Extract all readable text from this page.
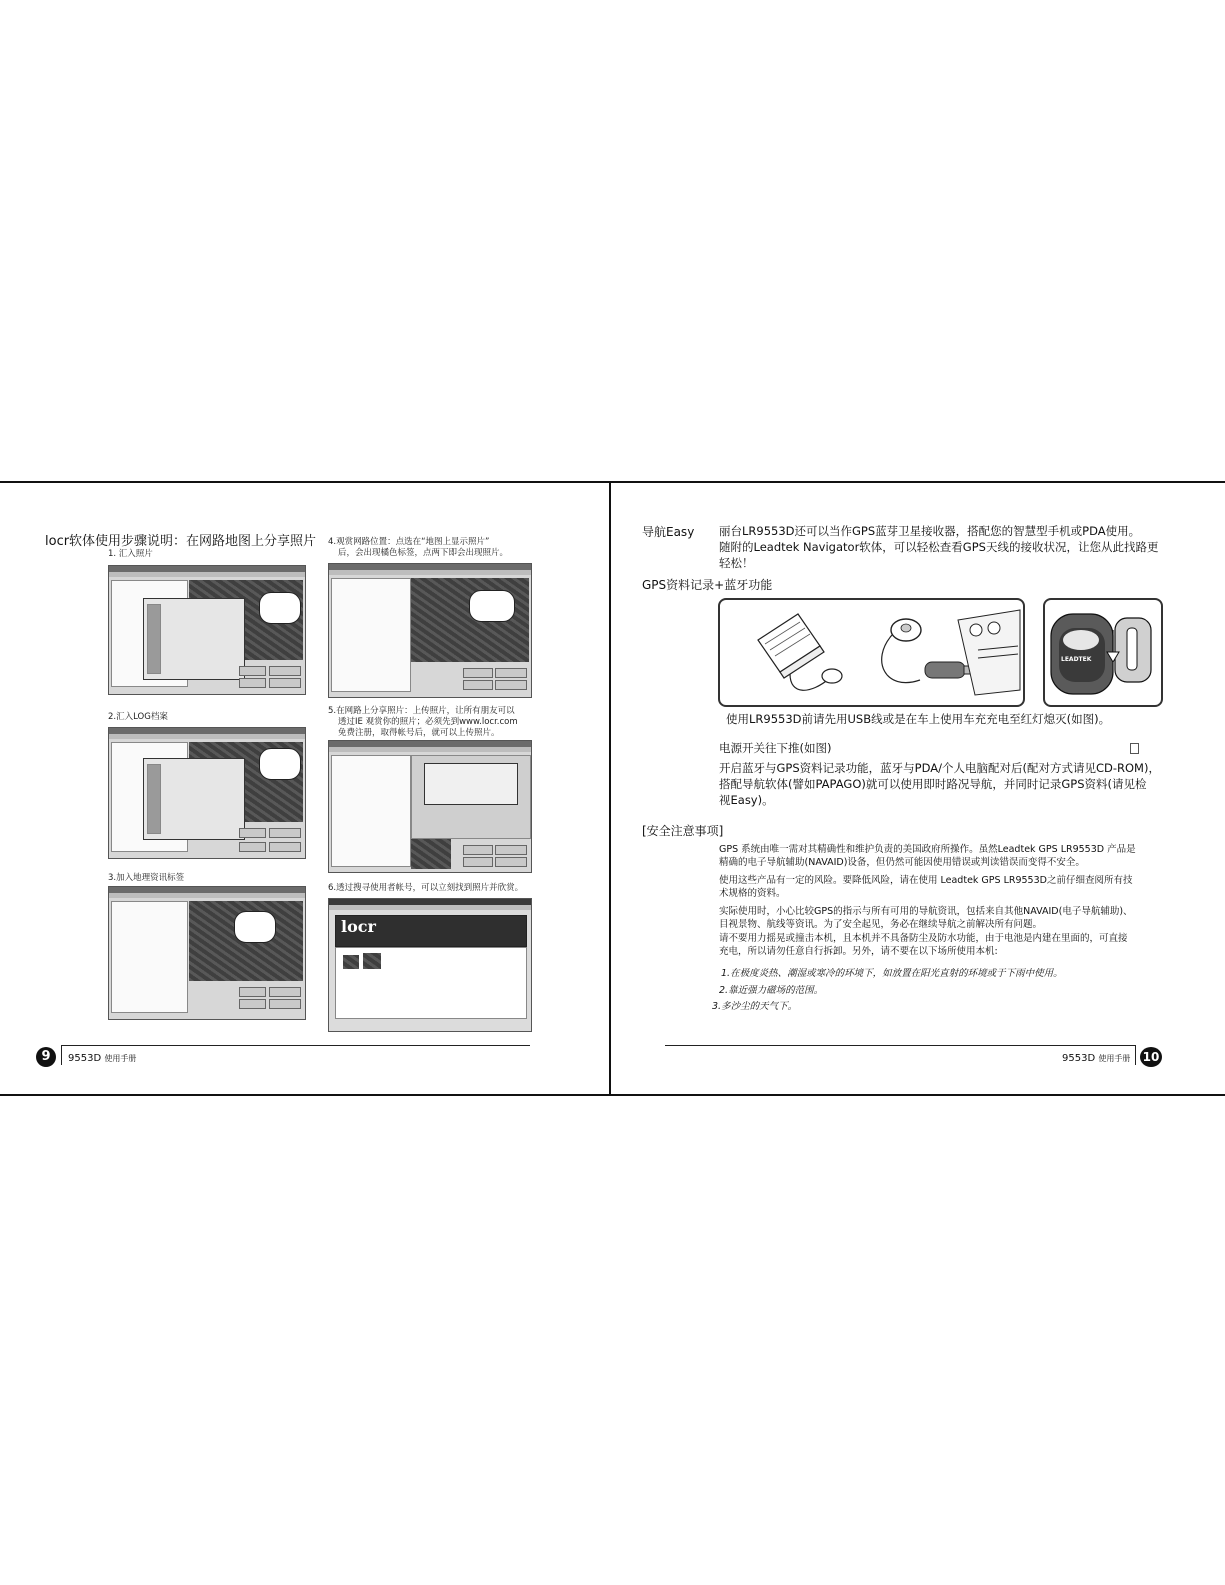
locr软体使用步骤说明：在网路地图上分享照片
1. 汇入照片
2.汇入LOG档案
3.加入地理资讯标签
4.观赏网路位置：点选在“地图上显示照片”
后，会出现橘色标签，点两下即会出现照片。
5.在网路上分享照片：上传照片，让所有朋友可以
透过IE 观赏你的照片；必须先到www.locr.com
免费注册，取得帐号后，就可以上传照片。
6.透过搜寻使用者帐号，可以立刻找到照片并欣赏。
locr
9	9553D 使用手册
导航Easy 丽台LR9553D还可以当作GPS蓝芽卫星接收器，搭配您的智慧型手机或PDA使用。
随附的Leadtek Navigator软体，可以轻松查看GPS天线的接收状况，让您从此找路更
轻松！
GPS资料记录+蓝牙功能
LEADTEK
使用LR9553D前请先用USB线或是在车上使用车充充电至红灯熄灭(如图)。
电源开关往下推(如图)
开启蓝牙与GPS资料记录功能，蓝牙与PDA/个人电脑配对后(配对方式请见CD-ROM)，
搭配导航软体(譬如PAPAGO)就可以使用即时路况导航，并同时记录GPS资料(请见检
视Easy)。
[安全注意事项]
GPS 系统由唯一需对其精确性和维护负责的美国政府所操作。虽然Leadtek GPS LR9553D 产品是
精确的电子导航辅助(NAVAID)设备，但仍然可能因使用错误或判读错误而变得不安全。
使用这些产品有一定的风险。要降低风险，请在使用 Leadtek GPS LR9553D之前仔细查阅所有技
术规格的资料。
实际使用时，小心比较GPS的指示与所有可用的导航资讯，包括来自其他NAVAID(电子导航辅助)、
目视景物、航线等资讯。为了安全起见，务必在继续导航之前解决所有问题。
请不要用力摇晃或撞击本机，且本机并不具备防尘及防水功能，由于电池是内建在里面的，可直接
充电，所以请勿任意自行拆卸。另外，请不要在以下场所使用本机:
1.在极度炎热、潮湿或寒冷的环境下，如放置在阳光直射的环境或于下雨中使用。
2.靠近强力磁场的范围。
3.多沙尘的天气下。
9553D 使用手册 10
